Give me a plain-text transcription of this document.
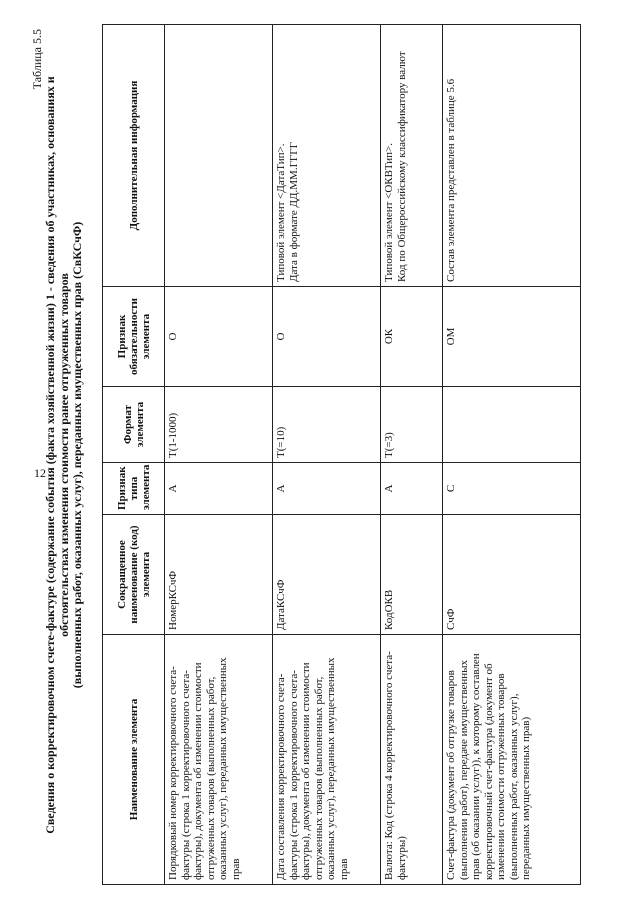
12
Таблица 5.5
Сведения о корректировочном счете-фактуре (содержание события (факта хозяйственной жизни) 1 - сведения об участниках, основаниях и обстоятельствах изменения стоимости ранее отгруженных товаров (выполненных работ, оказанных услуг), переданных имущественных прав (СвКСчФ)
Наименование элемента	Сокращенное наименование (код) элемента	Признак типа элемента	Формат элемента	Признак обязательности элемента	Дополнительная информация
Порядковый номер корректировочного счета-фактуры (строка 1 корректировочного счета-фактуры), документа об изменении стоимости отгруженных товаров (выполненных работ, оказанных услуг), переданных имущественных прав	НомерКСчФ	А	T(1-1000)	О	
Дата составления корректировочного счета-фактуры (строка 1 корректировочного счета-фактуры), документа об изменении стоимости отгруженных товаров (выполненных работ, оказанных услуг), переданных имущественных прав	ДатаКСчФ	А	T(=10)	О	Типовой элемент <ДатаТип>. Дата в формате ДД.ММ.ГГГГ

Валюта: Код (строка 4 корректировочного счета-фактуры)	КодОКВ	А	T(=3)	ОК	Типовой элемент <ОКВТип>. Код по Общероссийскому классификатору валют

Счет-фактура (документ об отгрузке товаров (выполнении работ), передаче имущественных прав (об оказании услуг)), к которому составлен корректировочный счет-фактура (документ об изменении стоимости отгруженных товаров (выполненных работ, оказанных услуг), переданных имущественных прав)	СчФ	С		ОМ	Состав элемента представлен в таблице 5.6
